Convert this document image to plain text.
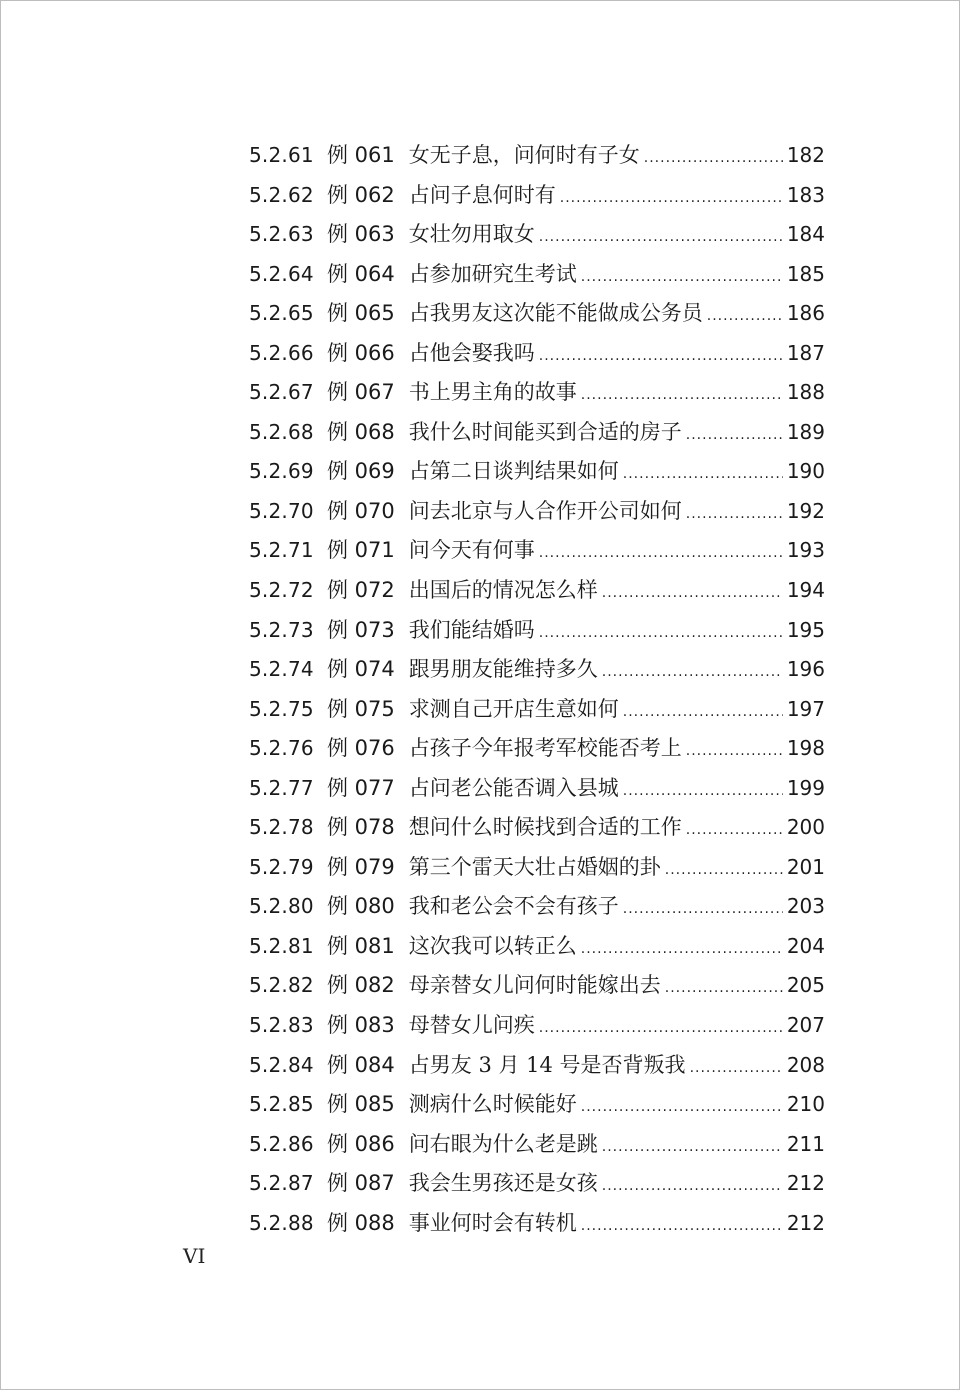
5.2.61 例 061 女无子息，问何时有子女 .....	182
5.2.62 例 062 占问子息何时有 .....	183
5.2.63 例 063 女壮勿用取女 .....	184
5.2.64 例 064 占参加研究生考试 .....	185
5.2.65 例 065 占我男友这次能不能做成公务员 .....	186
5.2.66 例 066 占他会娶我吗 .....	187
5.2.67 例 067 书上男主角的故事 .....	188
5.2.68 例 068 我什么时间能买到合适的房子 .....	189
5.2.69 例 069 占第二日谈判结果如何 .....	190
5.2.70 例 070 问去北京与人合作开公司如何 .....	192
5.2.71 例 071 问今天有何事 .....	193
5.2.72 例 072 出国后的情况怎么样 .....	194
5.2.73 例 073 我们能结婚吗 .....	195
5.2.74 例 074 跟男朋友能维持多久 .....	196
5.2.75 例 075 求测自己开店生意如何 .....	197
5.2.76 例 076 占孩子今年报考军校能否考上 .....	198
5.2.77 例 077 占问老公能否调入县城 .....	199
5.2.78 例 078 想问什么时候找到合适的工作 .....	200
5.2.79 例 079 第三个雷天大壮占婚姻的卦 .....	201
5.2.80 例 080 我和老公会不会有孩子 .....	203
5.2.81 例 081 这次我可以转正么 .....	204
5.2.82 例 082 母亲替女儿问何时能嫁出去 .....	205
5.2.83 例 083 母替女儿问疾 .....	207
5.2.84 例 084 占男友 3 月 14 号是否背叛我 .....	208
5.2.85 例 085 测病什么时候能好 .....	210
5.2.86 例 086 问右眼为什么老是跳 .....	211
5.2.87 例 087 我会生男孩还是女孩 .....	212
5.2.88 例 088 事业何时会有转机 .....	212
VI
